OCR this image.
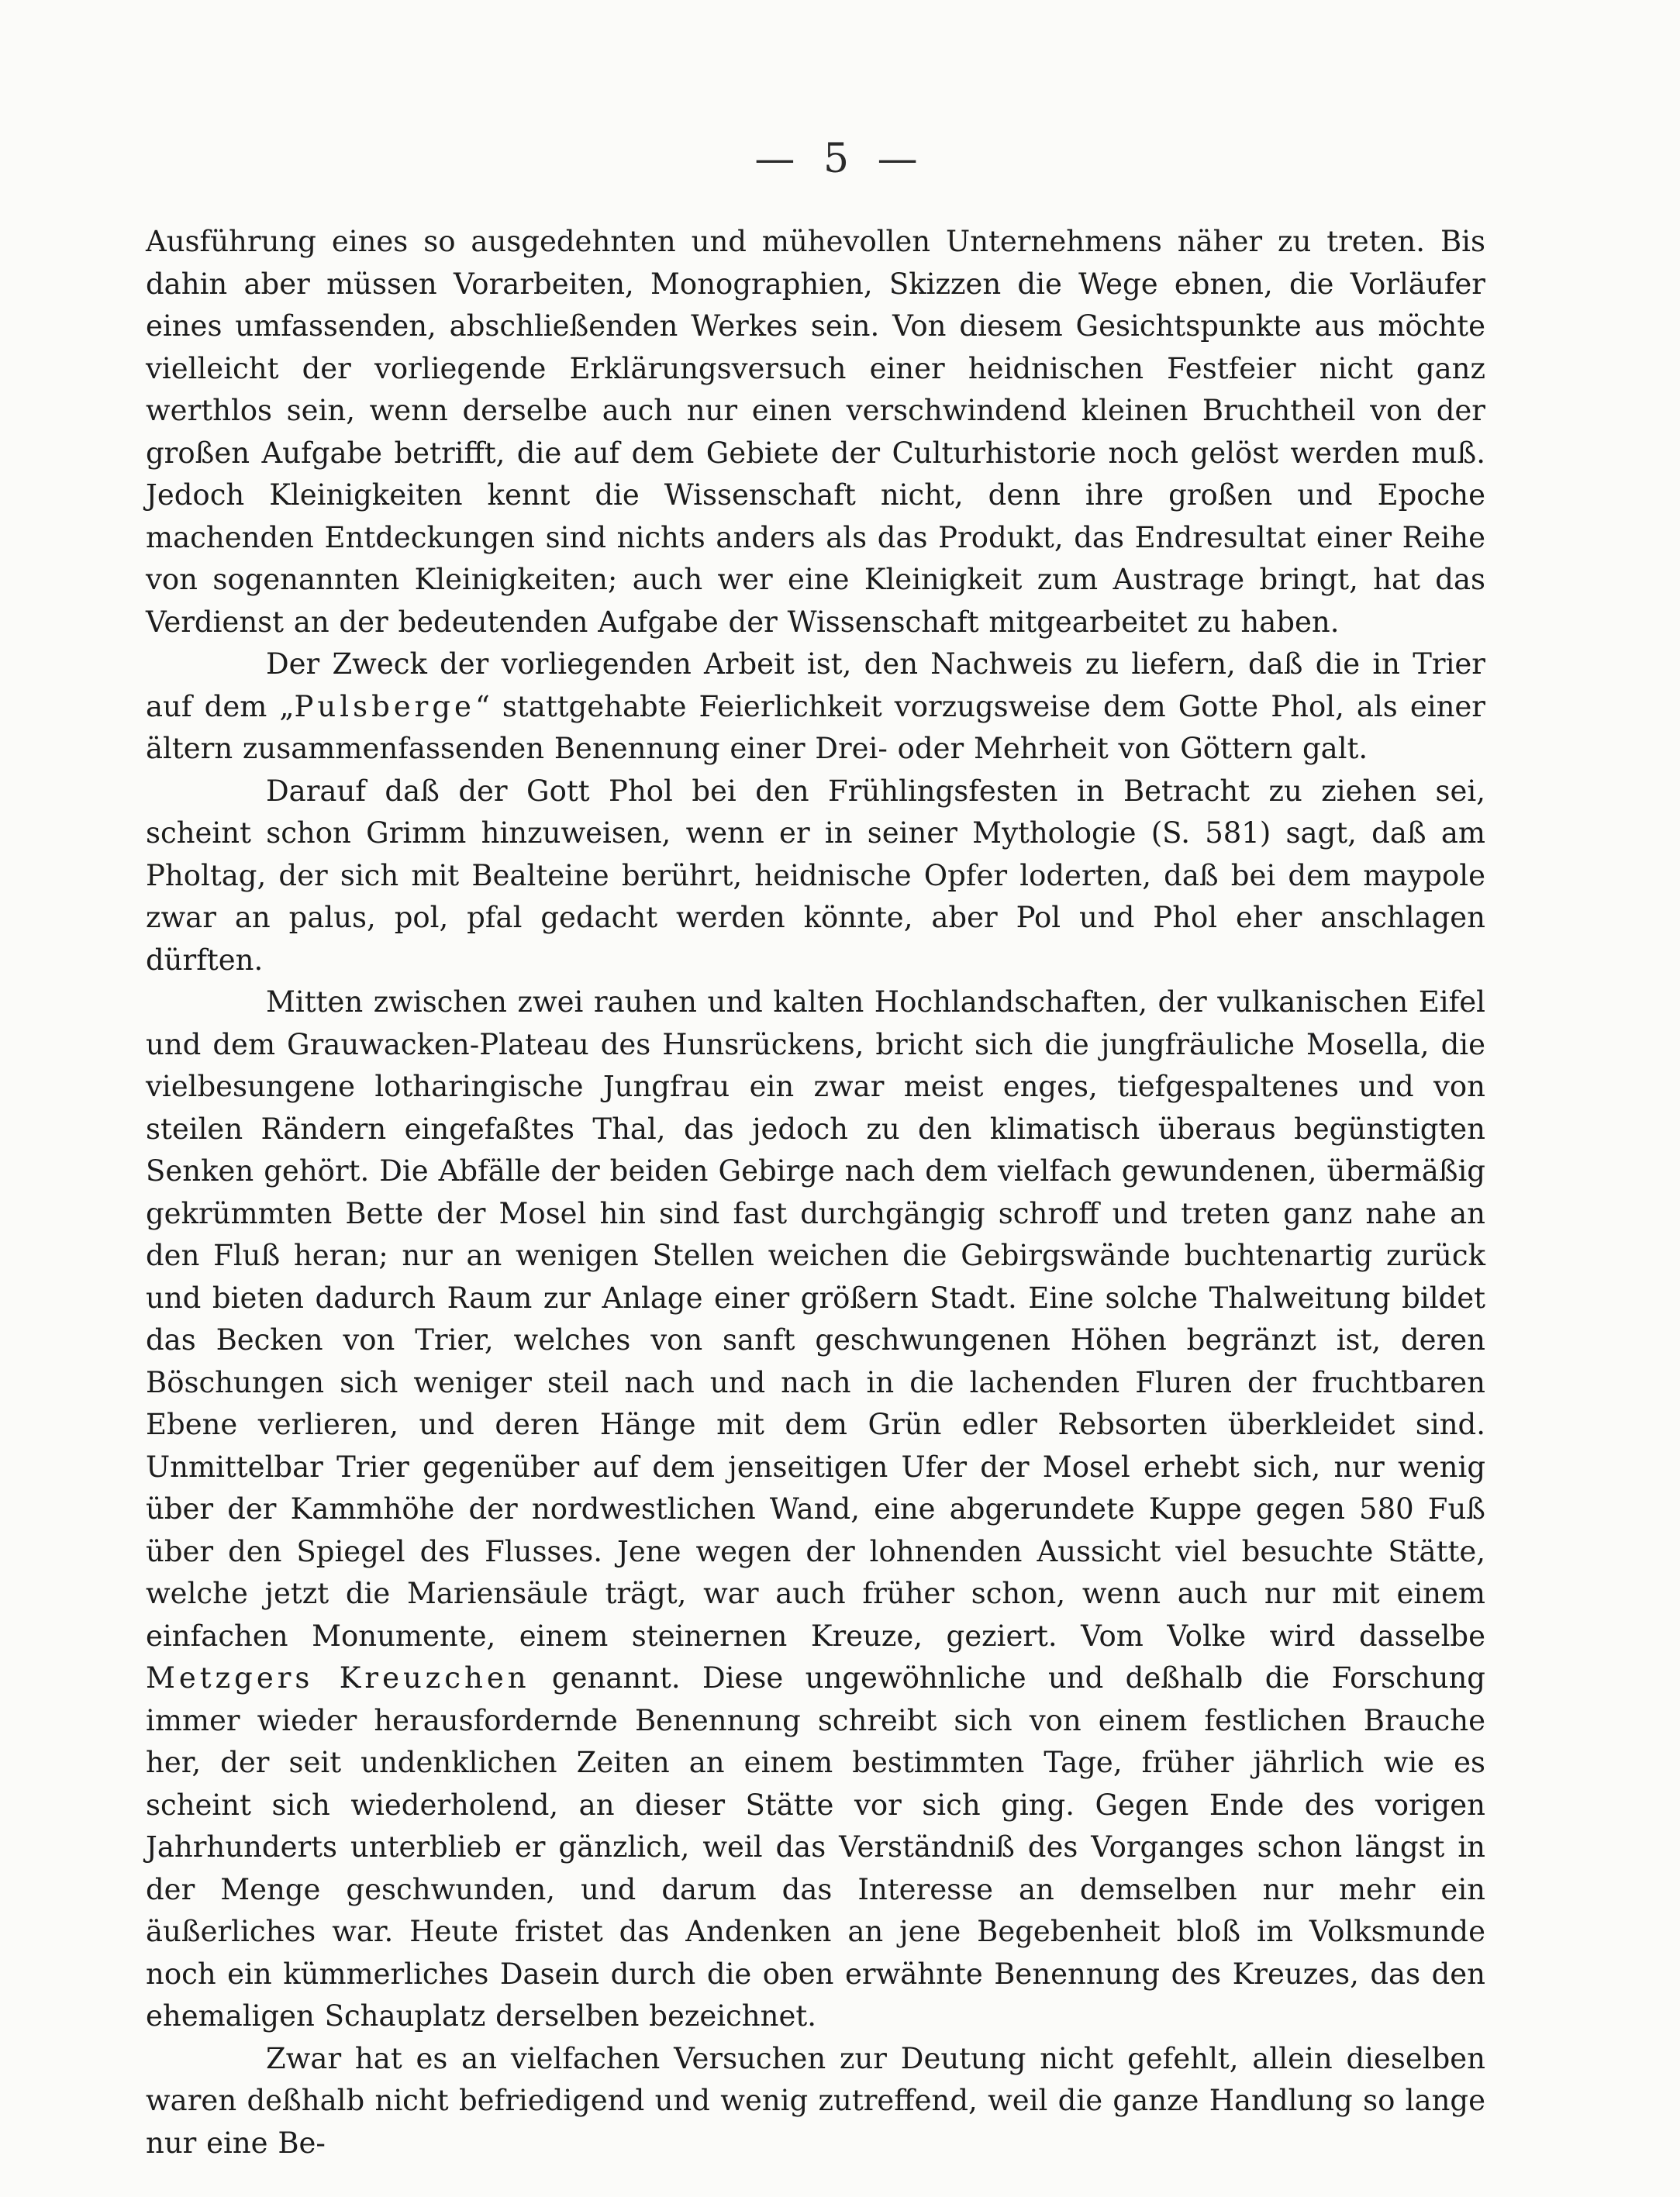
— 5 —

Ausführung eines so ausgedehnten und mühevollen Unternehmens näher zu treten. Bis dahin aber müssen Vorarbeiten, Monographien, Skizzen die Wege ebnen, die Vorläufer eines umfassenden, abschließenden Werkes sein. Von diesem Gesichtspunkte aus möchte vielleicht der vorliegende Erklärungsversuch einer heidnischen Festfeier nicht ganz werthlos sein, wenn derselbe auch nur einen verschwindend kleinen Bruchtheil von der großen Aufgabe betrifft, die auf dem Gebiete der Culturhistorie noch gelöst werden muß. Jedoch Kleinigkeiten kennt die Wissenschaft nicht, denn ihre großen und Epoche machenden Entdeckungen sind nichts anders als das Produkt, das Endresultat einer Reihe von sogenannten Kleinigkeiten; auch wer eine Kleinigkeit zum Austrage bringt, hat das Verdienst an der bedeutenden Aufgabe der Wissenschaft mitgearbeitet zu haben.

Der Zweck der vorliegenden Arbeit ist, den Nachweis zu liefern, daß die in Trier auf dem „Pulsberge“ stattgehabte Feierlichkeit vorzugsweise dem Gotte Phol, als einer ältern zusammenfassenden Benennung einer Drei- oder Mehrheit von Göttern galt.

Darauf daß der Gott Phol bei den Frühlingsfesten in Betracht zu ziehen sei, scheint schon Grimm hinzuweisen, wenn er in seiner Mythologie (S. 581) sagt, daß am Pholtag, der sich mit Bealteine berührt, heidnische Opfer loderten, daß bei dem maypole zwar an palus, pol, pfal gedacht werden könnte, aber Pol und Phol eher anschlagen dürften.

Mitten zwischen zwei rauhen und kalten Hochlandschaften, der vulkanischen Eifel und dem Grauwacken-Plateau des Hunsrückens, bricht sich die jungfräuliche Mosella, die vielbesungene lotharingische Jungfrau ein zwar meist enges, tiefgespaltenes und von steilen Rändern eingefaßtes Thal, das jedoch zu den klimatisch überaus begünstigten Senken gehört. Die Abfälle der beiden Gebirge nach dem vielfach gewundenen, übermäßig gekrümmten Bette der Mosel hin sind fast durchgängig schroff und treten ganz nahe an den Fluß heran; nur an wenigen Stellen weichen die Gebirgswände buchtenartig zurück und bieten dadurch Raum zur Anlage einer größern Stadt. Eine solche Thalweitung bildet das Becken von Trier, welches von sanft geschwungenen Höhen begränzt ist, deren Böschungen sich weniger steil nach und nach in die lachenden Fluren der fruchtbaren Ebene verlieren, und deren Hänge mit dem Grün edler Rebsorten überkleidet sind. Unmittelbar Trier gegenüber auf dem jenseitigen Ufer der Mosel erhebt sich, nur wenig über der Kammhöhe der nordwestlichen Wand, eine abgerundete Kuppe gegen 580 Fuß über den Spiegel des Flusses. Jene wegen der lohnenden Aussicht viel besuchte Stätte, welche jetzt die Mariensäule trägt, war auch früher schon, wenn auch nur mit einem einfachen Monumente, einem steinernen Kreuze, geziert. Vom Volke wird dasselbe Metzgers Kreuzchen genannt. Diese ungewöhnliche und deßhalb die Forschung immer wieder herausfordernde Benennung schreibt sich von einem festlichen Brauche her, der seit undenklichen Zeiten an einem bestimmten Tage, früher jährlich wie es scheint sich wiederholend, an dieser Stätte vor sich ging. Gegen Ende des vorigen Jahrhunderts unterblieb er gänzlich, weil das Verständniß des Vorganges schon längst in der Menge geschwunden, und darum das Interesse an demselben nur mehr ein äußerliches war. Heute fristet das Andenken an jene Begebenheit bloß im Volksmunde noch ein kümmerliches Dasein durch die oben erwähnte Benennung des Kreuzes, das den ehemaligen Schauplatz derselben bezeichnet.

Zwar hat es an vielfachen Versuchen zur Deutung nicht gefehlt, allein dieselben waren deßhalb nicht befriedigend und wenig zutreffend, weil die ganze Handlung so lange nur eine Be-
